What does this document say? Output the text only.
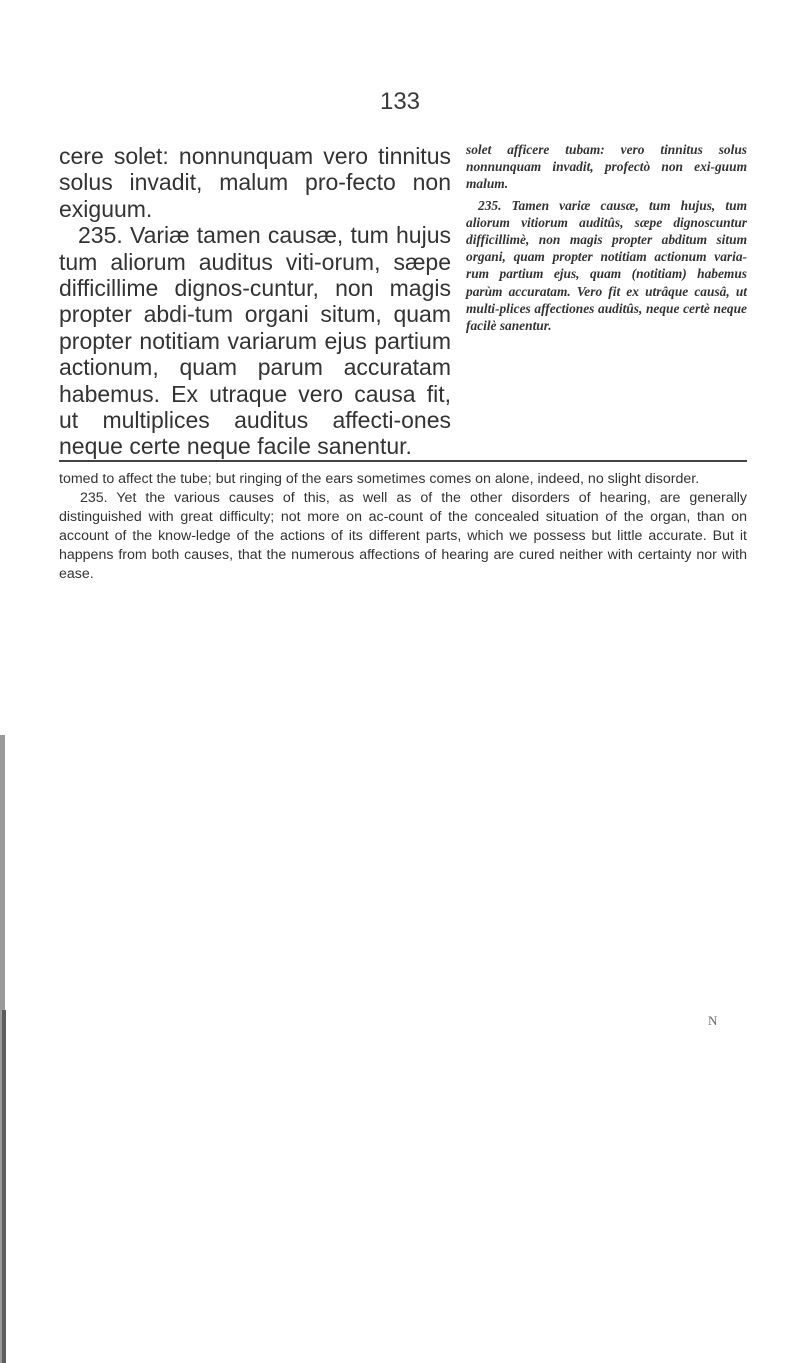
133

cere solet: nonnunquam vero tinnitus solus invadit, malum pro-fecto non exiguum.

235. Variæ tamen causæ, tum hujus tum aliorum auditus viti-orum, sæpe difficillime dignos-cuntur, non magis propter abdi-tum organi situm, quam propter notitiam variarum ejus partium actionum, quam parum accuratam habemus. Ex utraque vero causa fit, ut multiplices auditus affecti-ones neque certe neque facile sanentur.

solet afficere tubam: vero tinnitus solus nonnunquam invadit, profectò non exi-guum malum.

235. Tamen variæ causæ, tum hujus, tum aliorum vitiorum auditûs, sæpe dignoscuntur difficillimè, non magis propter abditum situm organi, quam propter notitiam actionum varia-rum partium ejus, quam (notitiam) habemus parùm accuratam. Vero fit ex utrâque causâ, ut multi-plices affectiones auditûs, neque certè neque facilè sanentur.

tomed to affect the tube; but ringing of the ears sometimes comes on alone, indeed, no slight disorder.

235. Yet the various causes of this, as well as of the other disorders of hearing, are generally distinguished with great difficulty; not more on ac-count of the concealed situation of the organ, than on account of the know-ledge of the actions of its different parts, which we possess but little accurate. But it happens from both causes, that the numerous affections of hearing are cured neither with certainty nor with ease.

N
